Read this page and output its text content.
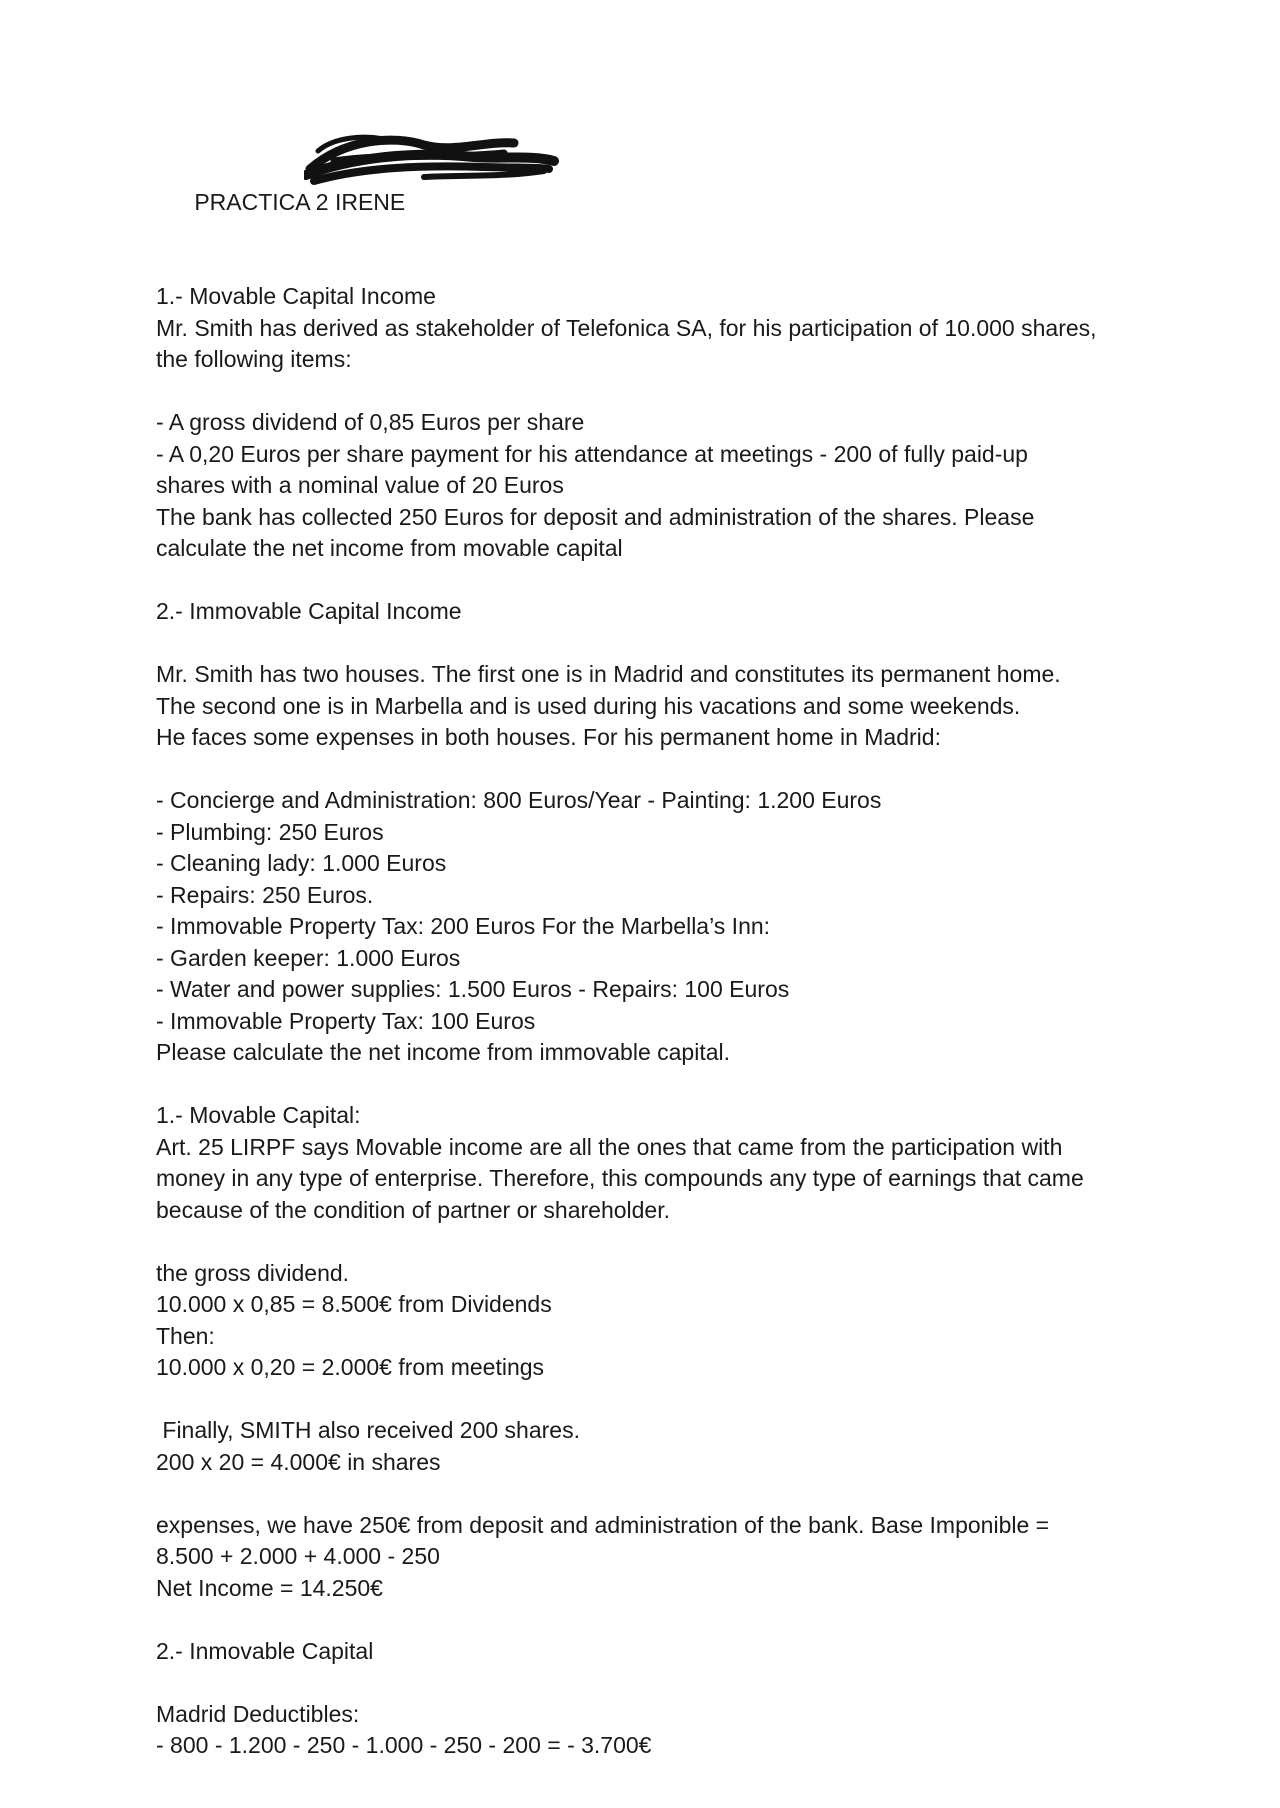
PRACTICA 2 IRENE

1.- Movable Capital Income
Mr. Smith has derived as stakeholder of Telefonica SA, for his participation of 10.000 shares,
the following items:
- A gross dividend of 0,85 Euros per share
- A 0,20 Euros per share payment for his attendance at meetings - 200 of fully paid-up
shares with a nominal value of 20 Euros
The bank has collected 250 Euros for deposit and administration of the shares. Please
calculate the net income from movable capital
2.- Immovable Capital Income
Mr. Smith has two houses. The first one is in Madrid and constitutes its permanent home.
The second one is in Marbella and is used during his vacations and some weekends.
He faces some expenses in both houses. For his permanent home in Madrid:
- Concierge and Administration: 800 Euros/Year - Painting: 1.200 Euros
- Plumbing: 250 Euros
- Cleaning lady: 1.000 Euros
- Repairs: 250 Euros.
- Immovable Property Tax: 200 Euros For the Marbella’s Inn:
- Garden keeper: 1.000 Euros
- Water and power supplies: 1.500 Euros - Repairs: 100 Euros
- Immovable Property Tax: 100 Euros
Please calculate the net income from immovable capital.
1.- Movable Capital:
Art. 25 LIRPF says Movable income are all the ones that came from the participation with
money in any type of enterprise. Therefore, this compounds any type of earnings that came
because of the condition of partner or shareholder.
the gross dividend.
10.000 x 0,85 = 8.500€ from Dividends
Then:
10.000 x 0,20 = 2.000€ from meetings
Finally, SMITH also received 200 shares.
200 x 20 = 4.000€ in shares
expenses, we have 250€ from deposit and administration of the bank. Base Imponible =
8.500 + 2.000 + 4.000 - 250
Net Income = 14.250€
2.- Inmovable Capital
Madrid Deductibles:
- 800 - 1.200 - 250 - 1.000 - 250 - 200 = - 3.700€
